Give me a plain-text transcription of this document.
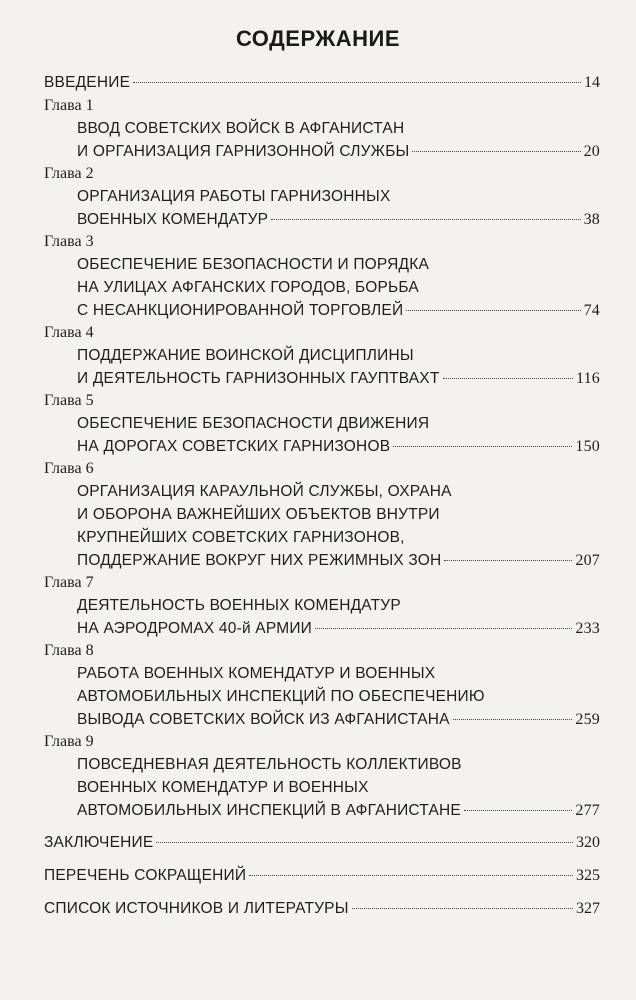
СОДЕРЖАНИЕ
ВВЕДЕНИЕ	14
Глава 1
ВВОД СОВЕТСКИХ ВОЙСК В АФГАНИСТАН
И ОРГАНИЗАЦИЯ ГАРНИЗОННОЙ СЛУЖБЫ	20
Глава 2
ОРГАНИЗАЦИЯ РАБОТЫ ГАРНИЗОННЫХ
ВОЕННЫХ КОМЕНДАТУР	38
Глава 3
ОБЕСПЕЧЕНИЕ БЕЗОПАСНОСТИ И ПОРЯДКА
НА УЛИЦАХ АФГАНСКИХ ГОРОДОВ, БОРЬБА
С НЕСАНКЦИОНИРОВАННОЙ ТОРГОВЛЕЙ	74
Глава 4
ПОДДЕРЖАНИЕ ВОИНСКОЙ ДИСЦИПЛИНЫ
И ДЕЯТЕЛЬНОСТЬ ГАРНИЗОННЫХ ГАУПТВАХТ	116
Глава 5
ОБЕСПЕЧЕНИЕ БЕЗОПАСНОСТИ ДВИЖЕНИЯ
НА ДОРОГАХ СОВЕТСКИХ ГАРНИЗОНОВ	150
Глава 6
ОРГАНИЗАЦИЯ КАРАУЛЬНОЙ СЛУЖБЫ, ОХРАНА
И ОБОРОНА ВАЖНЕЙШИХ ОБЪЕКТОВ ВНУТРИ
КРУПНЕЙШИХ СОВЕТСКИХ ГАРНИЗОНОВ,
ПОДДЕРЖАНИЕ ВОКРУГ НИХ РЕЖИМНЫХ ЗОН	207
Глава 7
ДЕЯТЕЛЬНОСТЬ ВОЕННЫХ КОМЕНДАТУР
НА АЭРОДРОМАХ 40-й АРМИИ	233
Глава 8
РАБОТА ВОЕННЫХ КОМЕНДАТУР И ВОЕННЫХ
АВТОМОБИЛЬНЫХ ИНСПЕКЦИЙ ПО ОБЕСПЕЧЕНИЮ
ВЫВОДА СОВЕТСКИХ ВОЙСК ИЗ АФГАНИСТАНА	259
Глава 9
ПОВСЕДНЕВНАЯ ДЕЯТЕЛЬНОСТЬ КОЛЛЕКТИВОВ
ВОЕННЫХ КОМЕНДАТУР И ВОЕННЫХ
АВТОМОБИЛЬНЫХ ИНСПЕКЦИЙ В АФГАНИСТАНЕ	277
ЗАКЛЮЧЕНИЕ	320
ПЕРЕЧЕНЬ СОКРАЩЕНИЙ	325
СПИСОК ИСТОЧНИКОВ И ЛИТЕРАТУРЫ	327
